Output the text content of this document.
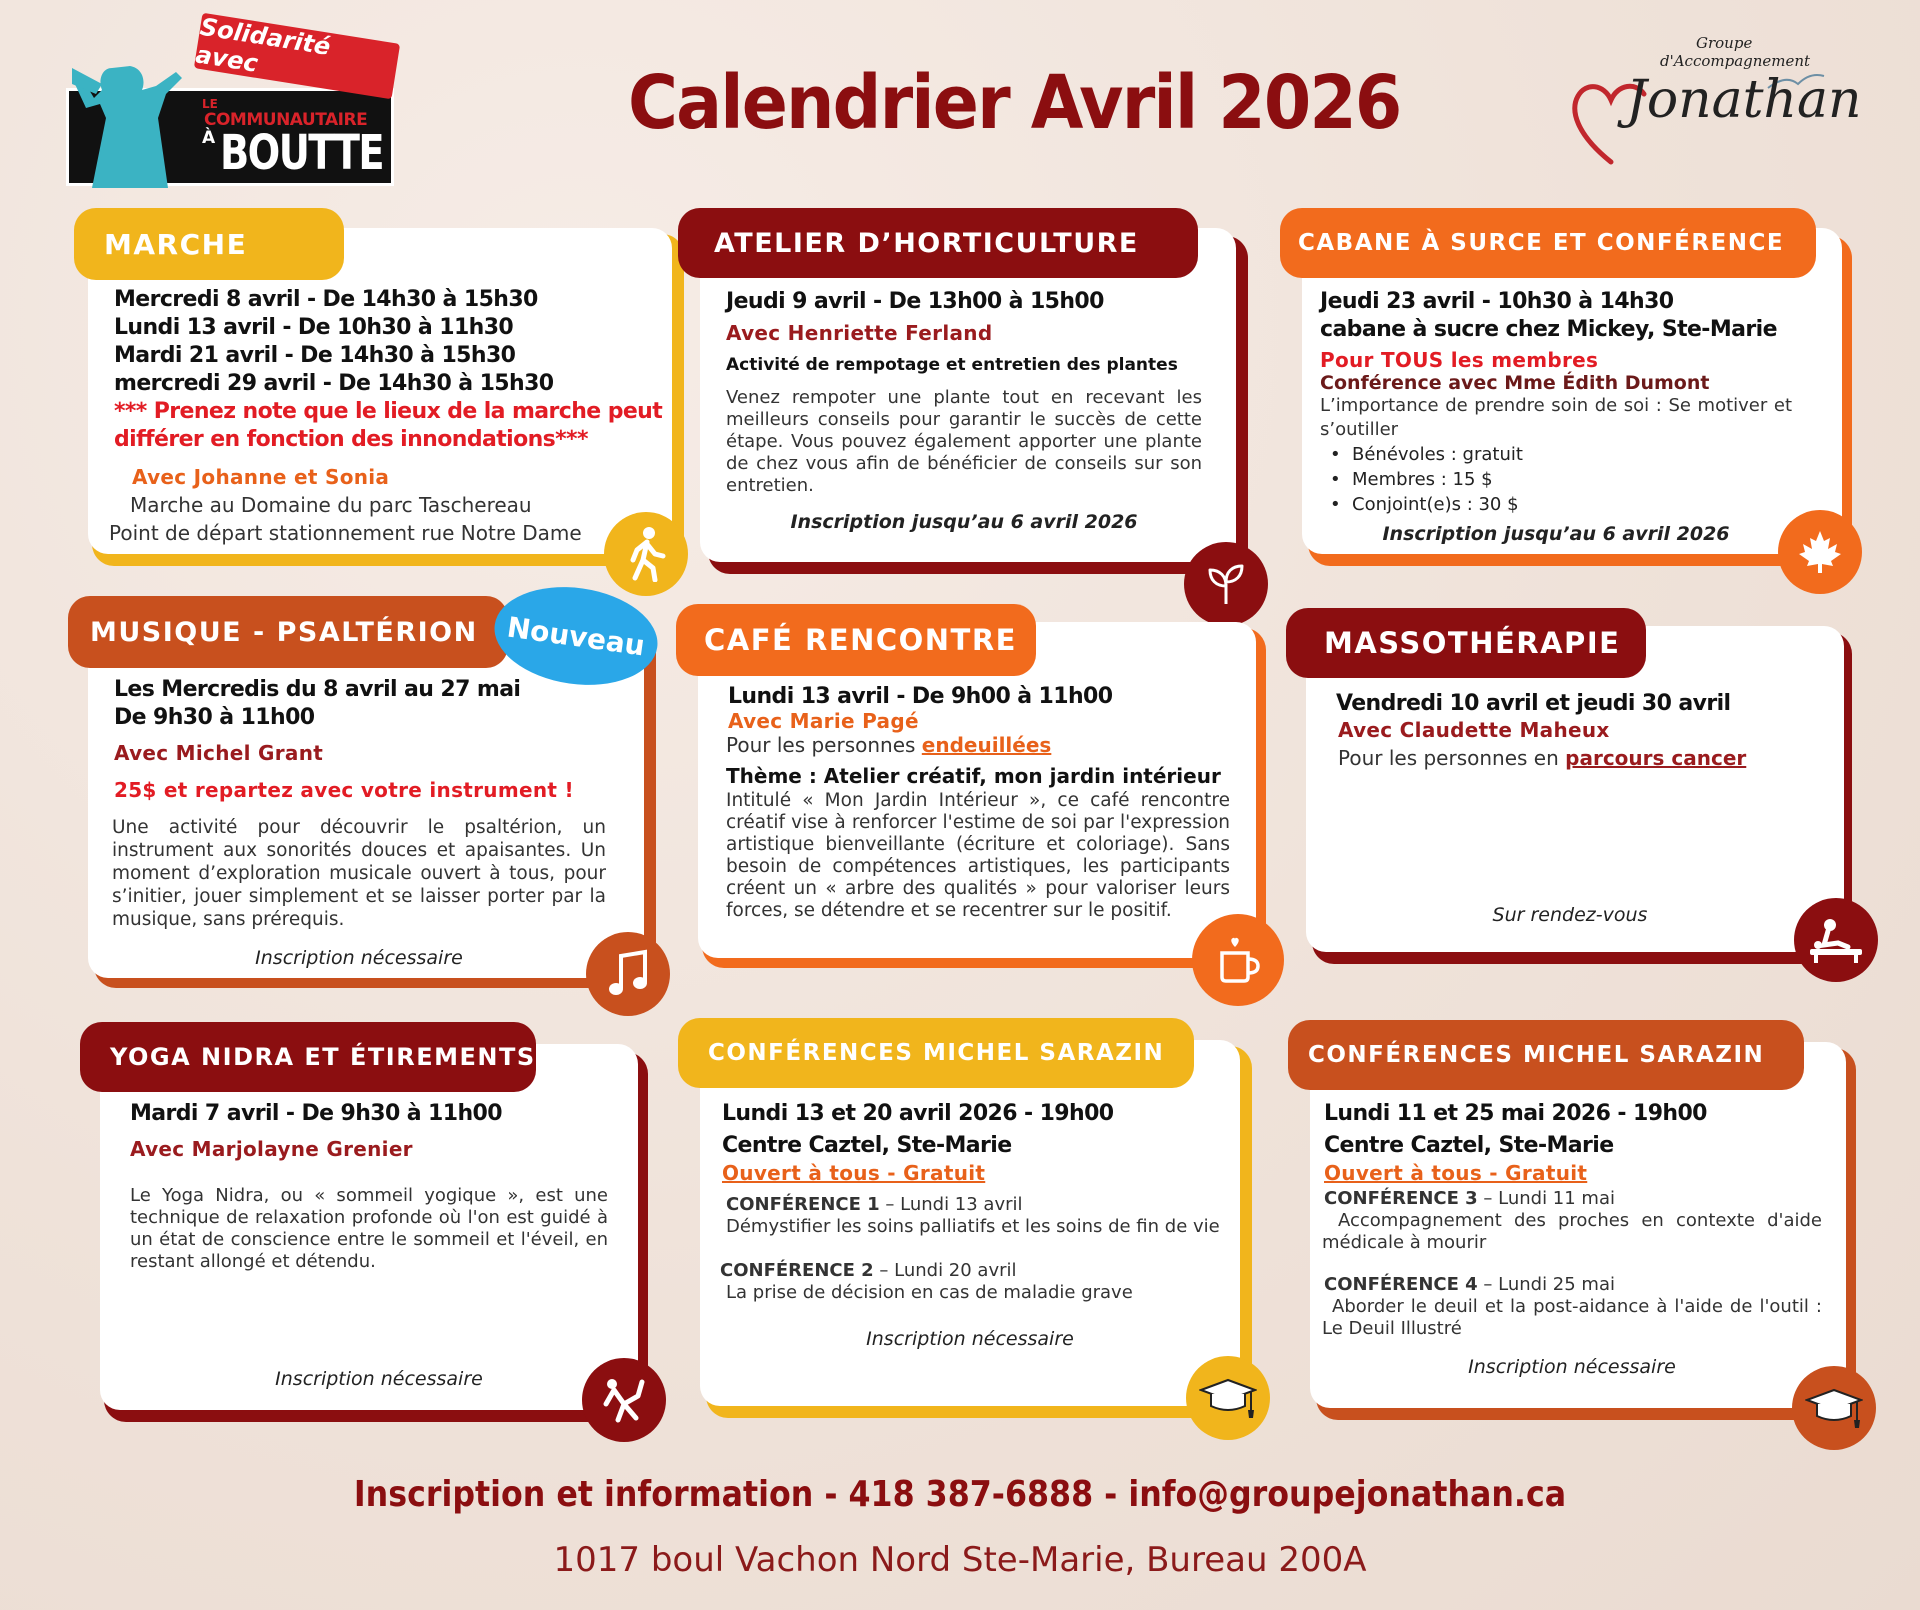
Solidarité avec
LE
COMMUNAUTAIRE
À BOUTTE
Calendrier Avril 2026
Groupe
d'Accompagnement
Jonathan
MARCHE
Mercredi 8 avril - De 14h30 à 15h30
Lundi 13 avril - De 10h30 à 11h30
Mardi 21 avril - De 14h30 à 15h30
mercredi 29 avril - De 14h30 à 15h30
*** Prenez note que le lieux de la marche peut
différer en fonction des innondations***
Avec Johanne et Sonia
Marche au Domaine du parc Taschereau
Point de départ stationnement rue Notre Dame
ATELIER D’HORTICULTURE
Jeudi 9 avril - De 13h00 à 15h00
Avec Henriette Ferland
Activité de rempotage et entretien des plantes

Venez rempoter une plante tout en recevant les meilleurs conseils pour garantir le succès de cette étape. Vous pouvez également apporter une plante de chez vous afin de bénéficier de conseils sur son entretien.

Inscription jusqu’au 6 avril 2026
CABANE À SURCE ET CONFÉRENCE
Jeudi 23 avril - 10h30 à 14h30
cabane à sucre chez Mickey, Ste-Marie
Pour TOUS les membres
Conférence avec Mme Édith Dumont

L’importance de prendre soin de soi : Se motiver et s’outiller

• Bénévoles : gratuit
• Membres : 15 $
• Conjoint(e)s : 30 $
Inscription jusqu’au 6 avril 2026
MUSIQUE - PSALTÉRION Nouveau
Les Mercredis du 8 avril au 27 mai
De 9h30 à 11h00
Avec Michel Grant
25$ et repartez avec votre instrument !

Une activité pour découvrir le psaltérion, un instrument aux sonorités douces et apaisantes. Un moment d’exploration musicale ouvert à tous, pour s’initier, jouer simplement et se laisser porter par la musique, sans prérequis.

Inscription nécessaire
CAFÉ RENCONTRE
Lundi 13 avril - De 9h00 à 11h00
Avec Marie Pagé
Pour les personnes endeuillées
Thème : Atelier créatif, mon jardin intérieur

Intitulé « Mon Jardin Intérieur », ce café rencontre créatif vise à renforcer l'estime de soi par l'expression artistique bienveillante (écriture et coloriage). Sans besoin de compétences artistiques, les participants créent un « arbre des qualités » pour valoriser leurs forces, se détendre et se recentrer sur le positif.

MASSOTHÉRAPIE
Vendredi 10 avril et jeudi 30 avril
Avec Claudette Maheux
Pour les personnes en parcours cancer
Sur rendez-vous
YOGA NIDRA ET ÉTIREMENTS
Mardi 7 avril - De 9h30 à 11h00
Avec Marjolayne Grenier

Le Yoga Nidra, ou « sommeil yogique », est une technique de relaxation profonde où l'on est guidé à un état de conscience entre le sommeil et l'éveil, en restant allongé et détendu.

Inscription nécessaire
CONFÉRENCES MICHEL SARAZIN
Lundi 13 et 20 avril 2026 - 19h00
Centre Caztel, Ste-Marie
Ouvert à tous - Gratuit
CONFÉRENCE 1 – Lundi 13 avril

Démystifier les soins palliatifs et les soins de fin de vie

CONFÉRENCE 2 – Lundi 20 avril

La prise de décision en cas de maladie grave

Inscription nécessaire
CONFÉRENCES MICHEL SARAZIN
Lundi 11 et 25 mai 2026 - 19h00
Centre Caztel, Ste-Marie
Ouvert à tous - Gratuit
CONFÉRENCE 3 – Lundi 11 mai

Accompagnement des proches en contexte d'aide médicale à mourir

CONFÉRENCE 4 – Lundi 25 mai

Aborder le deuil et la post-aidance à l'aide de l'outil : Le Deuil Illustré

Inscription nécessaire
Inscription et information - 418 387-6888 - info@groupejonathan.ca
1017 boul Vachon Nord Ste-Marie, Bureau 200A
